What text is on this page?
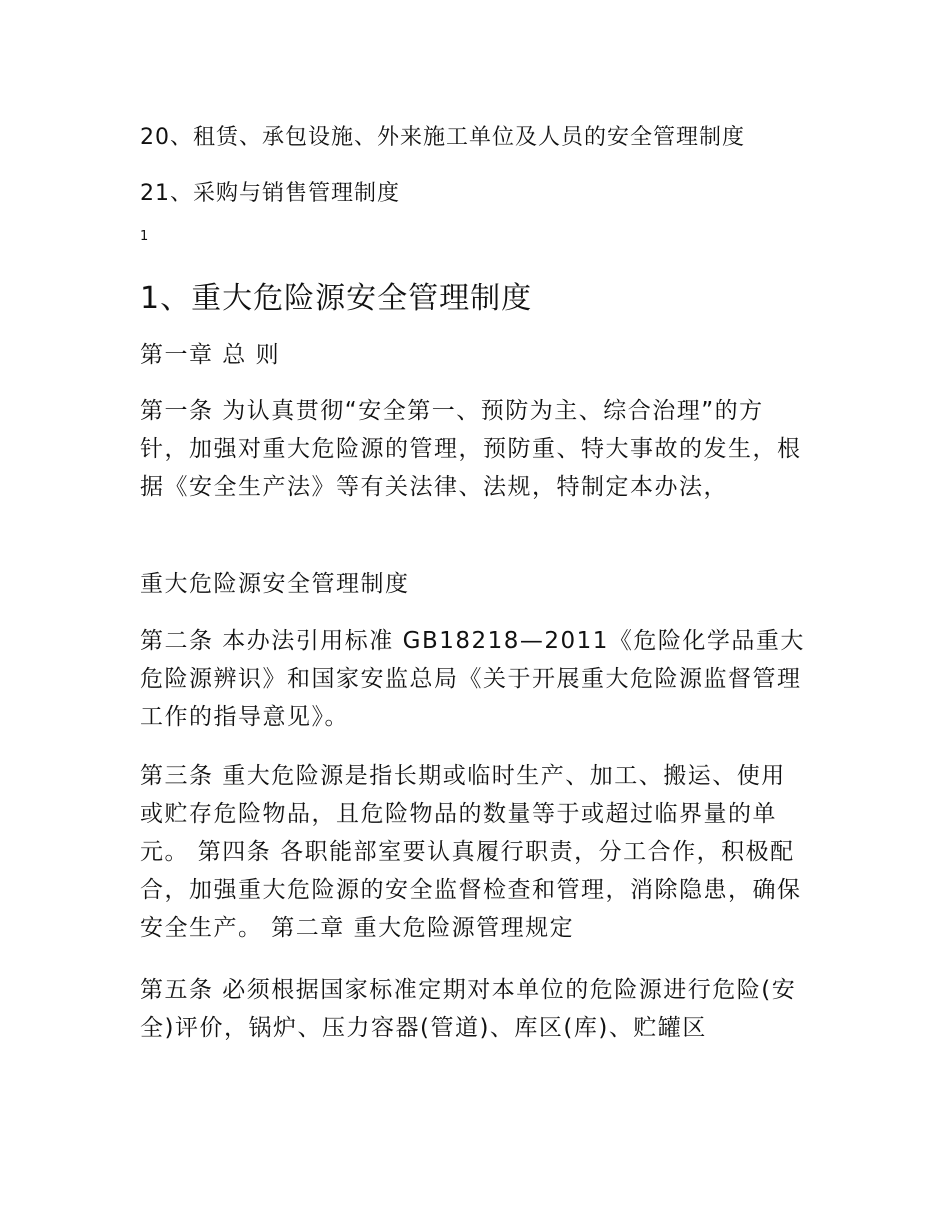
20、租赁、承包设施、外来施工单位及人员的安全管理制度
21、采购与销售管理制度
1
1、重大危险源安全管理制度

第一章 总 则

第一条 为认真贯彻“安全第一、预防为主、综合治理”的方针，加强对重大危险源的管理，预防重、特大事故的发生，根据《安全生产法》等有关法律、法规，特制定本办法，

重大危险源安全管理制度

第二条 本办法引用标准 GB18218—2011《危险化学品重大危险源辨识》和国家安监总局《关于开展重大危险源监督管理工作的指导意见》。

第三条 重大危险源是指长期或临时生产、加工、搬运、使用或贮存危险物品，且危险物品的数量等于或超过临界量的单元。 第四条 各职能部室要认真履行职责，分工合作，积极配合，加强重大危险源的安全监督检查和管理，消除隐患，确保安全生产。 第二章 重大危险源管理规定

第五条 必须根据国家标准定期对本单位的危险源进行危险(安全)评价，锅炉、压力容器(管道)、库区(库)、贮罐区
